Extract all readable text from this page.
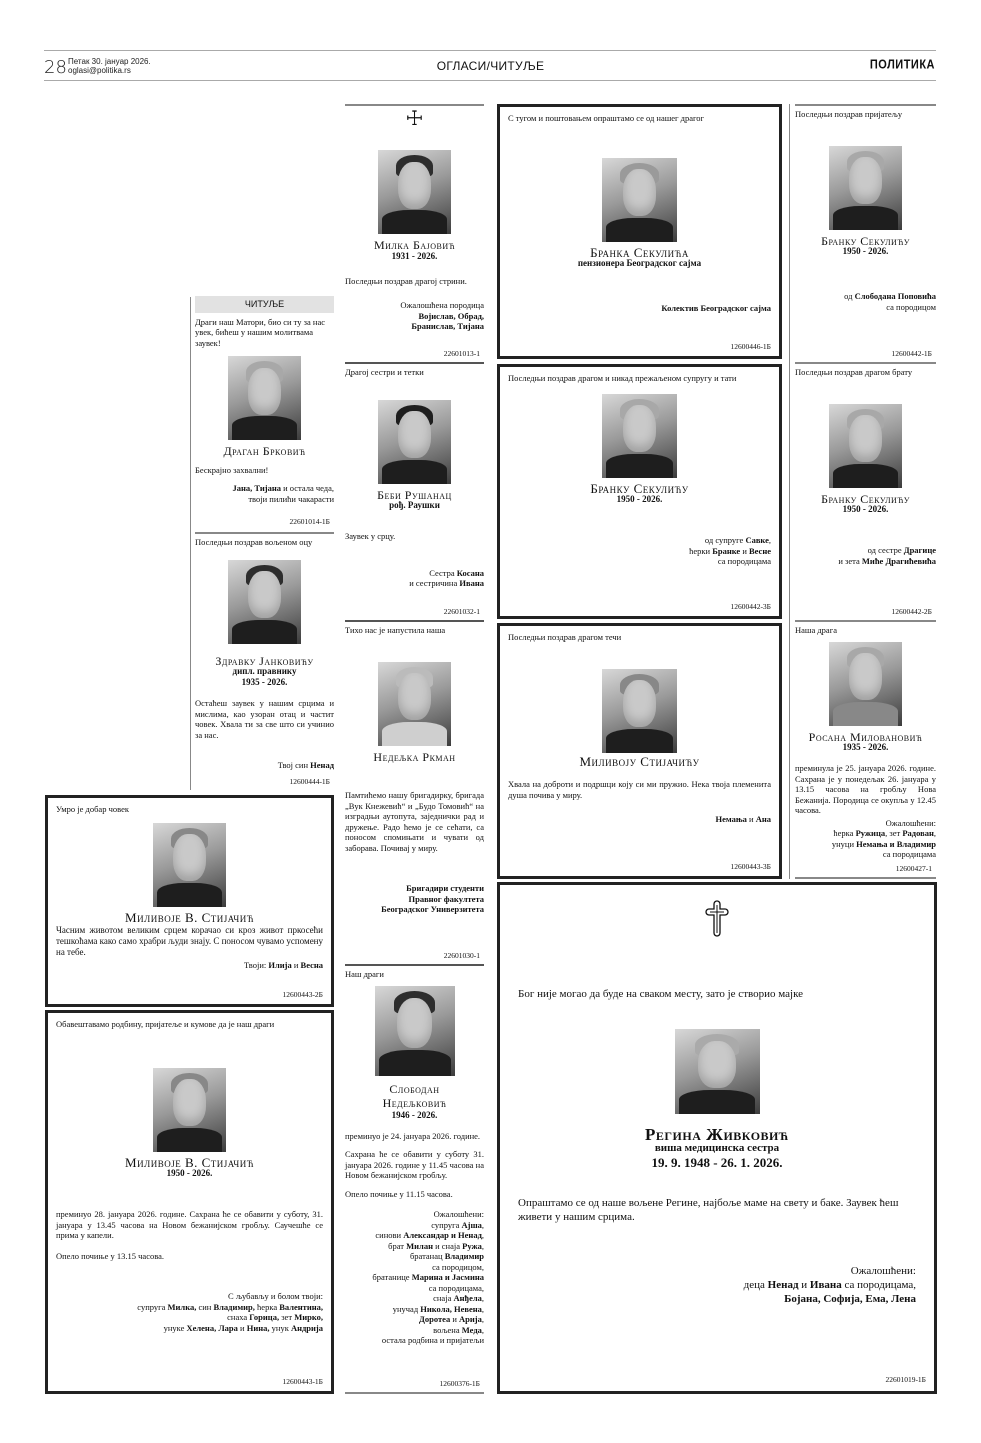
28 Петак 30. јануар 2026.
oglasi@politika.rs	ОГЛАСИ/ЧИТУЉЕ	ПОЛИТИКА
ЧИТУЉЕ
Драги наш Матори, био си ту за нас увек, бићеш у нашим молитвама заувек!
Драган Брковић
Бескрајно захвални!
Јана, Тијана и остала чеда,
твоји пилићи чакарасти
22601014-1Б
Последњи поздрав вољеном оцу
Здравку Јанковићу
дипл. правнику
1935 - 2026.
Остаћеш заувек у нашим срцима и мислима, као узоран отац и частит човек. Хвала ти за све што си учинио за нас.
Твој син Ненад
12600444-1Б
☩
Милка Бајовић
1931 - 2026.
Последњи поздрав драгој стрини.
Ожалошћена породица
Војислав, Обрад,
Бранислав, Тијана
22601013-1
Драгој сестри и тетки
Беби Рушанац
рођ. Раушки
Заувек у срцу.
Сестра Косана
и сестричина Ивана
22601032-1
Тихо нас је напустила наша
Недељка Ркман
Памтићемо нашу бригадирку, бригада „Вук Кнежевић“ и „Будо Томовић“ на изградњи аутопута, заједнички рад и дружење. Радо ћемо је се сећати, са поносом спомињати и чувати од заборава. Почивај у миру.
Бригадири студенти
Правног факултета
Београдског Универзитета
22601030-1
Наш драги
Слободан
Недељковић
1946 - 2026.
преминуо је 24. јануара 2026. године.
Сахрана ће се обавити у суботу 31. јануара 2026. године у 11.45 часова на Новом бежанијском гробљу.
Опело почиње у 11.15 часова.
Ожалошћени:
супруга Ајша,
синови Александар и Ненад,
брат Милан и снаја Ружа,
братанац Владимир
са породицом,
братанице Марина и Јасмина
са породицама,
снаја Анђела,
унучад Никола, Невена,
Доротеа и Арија,
вољена Меда,
остала родбина и пријатељи
12600376-1Б
С тугом и поштовањем опраштамо се од нашег драгог
Бранка Секулића
пензионера Београдског сајма
Колектив Београдског сајма
12600446-1Б
Последњи поздрав драгом и никад прежаљеном супругу и тати
Бранку Секулићу
1950 - 2026.
од супруге Савке,
ћерки Бранке и Весне
са породицама
12600442-3Б
Последњи поздрав драгом течи
Миливоју Стијачићу
Хвала на доброти и подршци коју си ми пружио. Нека твоја племенита душа почива у миру.
Немања и Ана
12600443-3Б
Последњи поздрав пријатељу
Бранку Секулићу
1950 - 2026.
од Слободана Поповића
са породицом
12600442-1Б
Последњи поздрав драгом брату
Бранку Секулићу
1950 - 2026.
од сестре Драгице
и зета Миће Драгићевића
12600442-2Б
Наша драга
Росана Миловановић
1935 - 2026.
преминула је 25. јануара 2026. године. Сахрана је у понедељак 26. јануара у 13.15 часова на гробљу Нова Бежанија. Породица се окупља у 12.45 часова.
Ожалошћени:
ћерка Ружица, зет Радован,
унуци Немања и Владимир
са породицама
12600427-1
Умро је добар човек
Миливоје В. Стијачић
Часним животом великим срцем корачао си кроз живот пркосећи тешкоћама како само храбри људи знају. С поносом чувамо успомену на тебе.
Твоји: Илија и Весна
12600443-2Б
Обавештавамо родбину, пријатеље и кумове да је наш драги
Миливоје В. Стијачић
1950 - 2026.
преминуо 28. јануара 2026. године. Сахрана ће се обавити у суботу, 31. јануара у 13.45 часова на Новом бежанијском гробљу. Саучешће се прима у капели.
Опело почиње у 13.15 часова.
С љубављу и болом твоји:
супруга Милка, син Владимир, ћерка Валентина,
снаха Горица, зет Мирко,
унуке Хелена, Лара и Нина, унук Андрија
12600443-1Б
Бог није могао да буде на сваком месту, зато је створио мајке
Регина Живковић
виша медицинска сестра
19. 9. 1948 - 26. 1. 2026.
Опраштамо се од наше вољене Регине, најбоље маме на свету и баке. Заувек ћеш живети у нашим срцима.
Ожалошћени:
деца Ненад и Ивана са породицама,
Бојана, Софија, Ема, Лена
22601019-1Б
